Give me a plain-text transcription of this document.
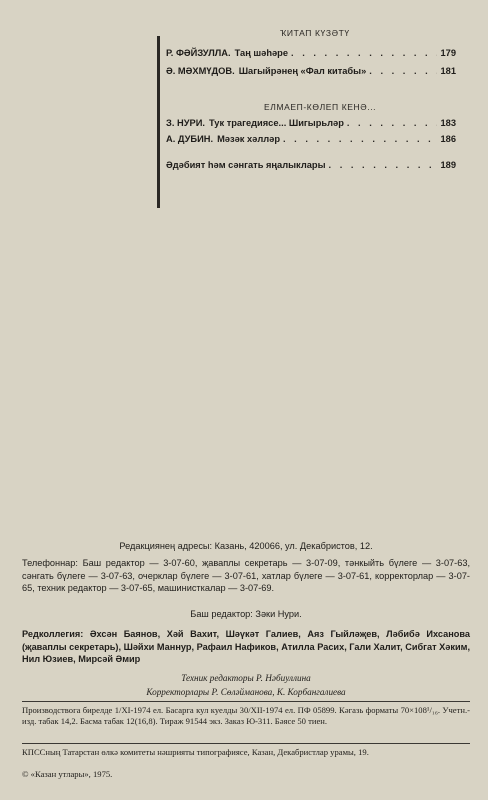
ҠИТАП КҮЗӘТҮ
Р. ФӘЙЗУЛЛА. Таң шәһәре . . .	179
Ә. МӘХМҮДОВ. Шагыйрәнең «Фал китабы» . . .	181
ЕЛМАЕП-КӨЛЕП КЕНӘ...
З. НУРИ. Тук трагедиясе... Шигырьләр . . .	183
А. ДУБИН. Мәзәк хәлләр . . .	186
Әдәбият һәм сәнгать яңалыклары . . .	189
Редакциянең адресы: Казань, 420066, ул. Декабристов, 12.
Телефоннар: Баш редактор — 3-07-60, җаваплы секретарь — 3-07-09, тәнкыйть бүлеге — 3-07-63, сәнгать бүлеге — 3-07-63, очерклар бүлеге — 3-07-61, хатлар бүлеге — 3-07-61, корректорлар — 3-07-65, техник редактор — 3-07-65, машинисткалар — 3-07-69.
Баш редактор: Зәки Нури.
Редколлегия: Әхсән Баянов, Хәй Вахит, Шәүкәт Галиев, Аяз Гыйләҗев, Ләбибә Ихсанова (җаваплы секретарь), Шәйхи Маннур, Рафаил Нафиков, Атилла Расих, Гали Халит, Сибгат Хәким, Нил Юзиев, Мирсәй Әмир
Техник редакторы Р. Нәбиуллина
Корректорлары Р. Сөләйманова, К. Корбангалиева
Производствога бирелде 1/XI-1974 ел. Басарга кул куелды 30/XII-1974 ел. ПФ 05899. Кәгазь форматы 70×108¹/₁₆. Учетн.-изд. табак 14,2. Басма табак 12(16,8). Тираж 91544 экз. Заказ Ю-311. Бәясе 50 тиен.
КПССның Татарстан өлкә комитеты нәшрияты типографиясе, Казан, Декабристлар урамы, 19.
© «Казан утлары», 1975.
